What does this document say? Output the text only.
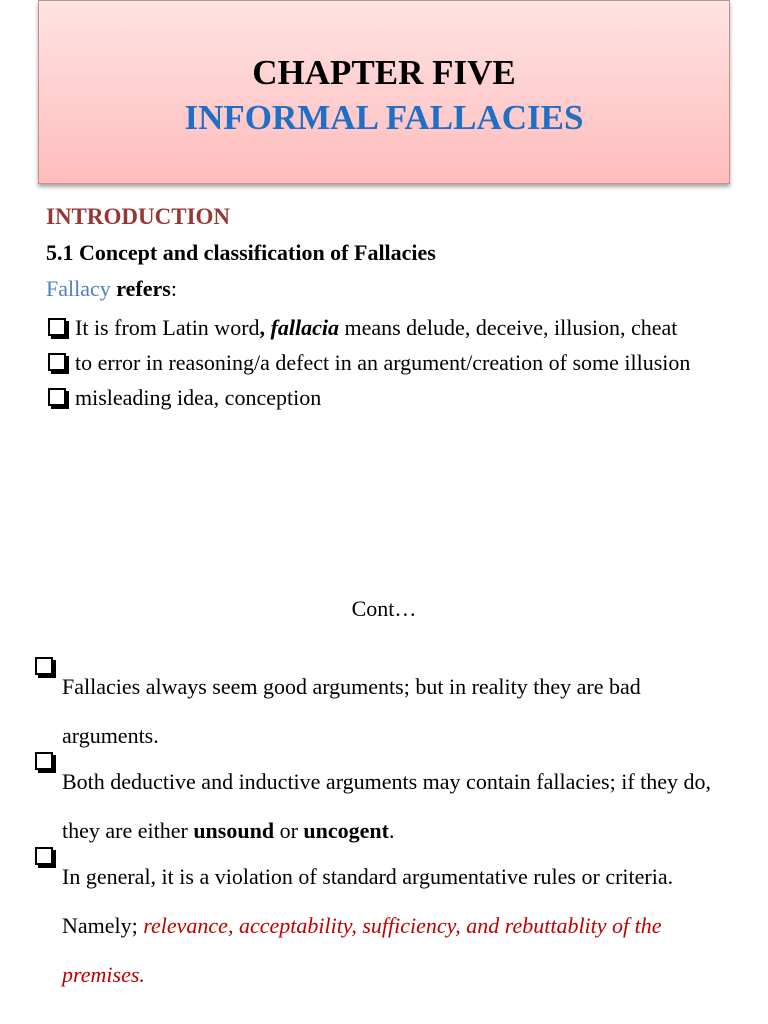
CHAPTER FIVE
INFORMAL FALLACIES
INTRODUCTION
5.1 Concept and classification of Fallacies
Fallacy refers:
It is from Latin word, fallacia means delude, deceive, illusion, cheat
to error in reasoning/a defect in an argument/creation of some illusion
misleading idea, conception
Cont…
Fallacies always seem good arguments; but in reality they are bad arguments.
Both deductive and inductive arguments may contain fallacies; if they do, they are either unsound or uncogent.
In general, it is a violation of standard argumentative rules or criteria. Namely; relevance, acceptability, sufficiency, and rebuttablity of the premises.
